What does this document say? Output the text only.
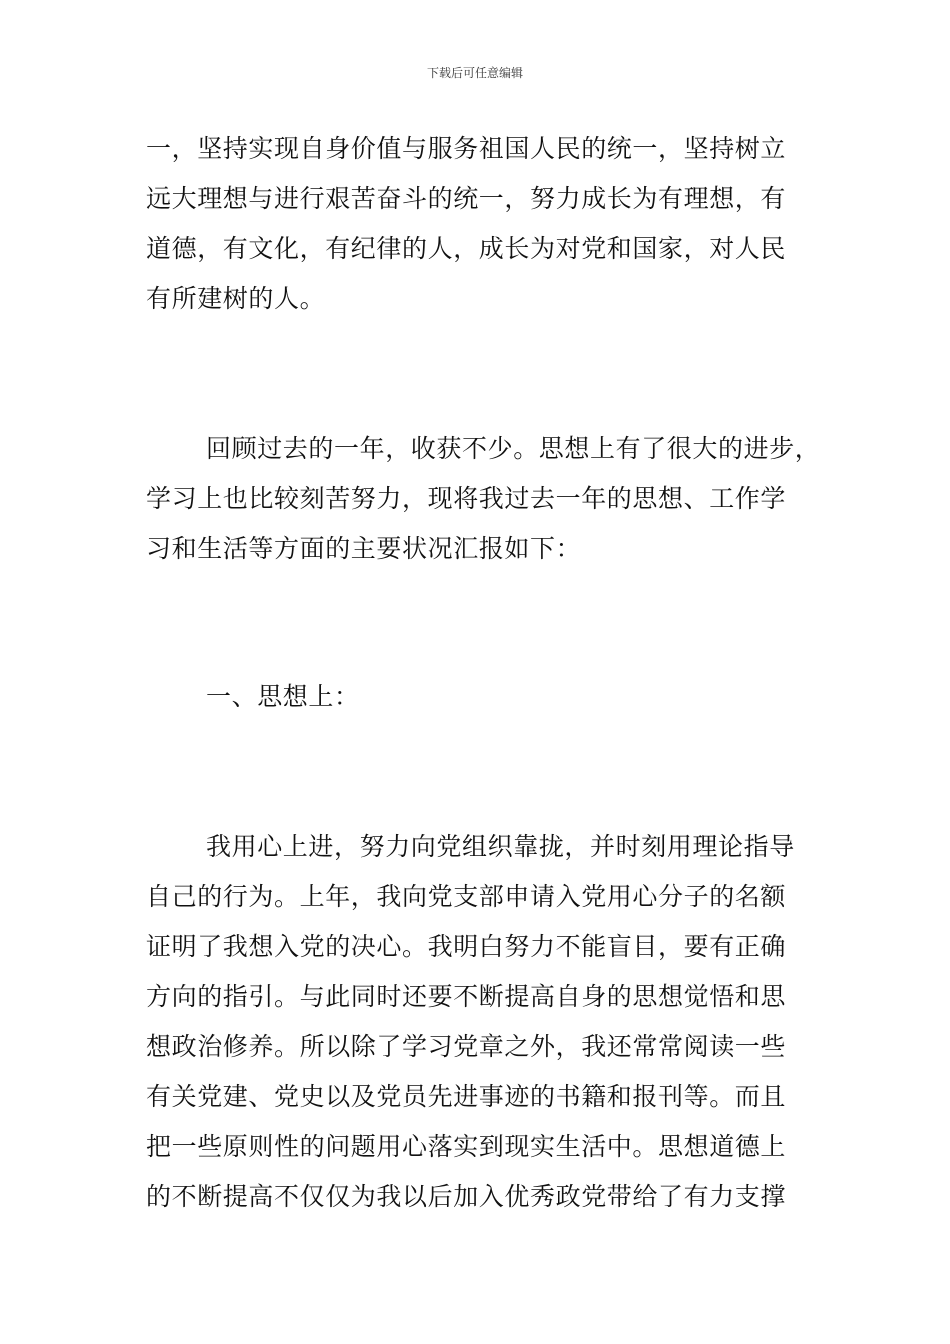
下载后可任意编辑
一，坚持实现自身价值与服务祖国人民的统一，坚持树立
远大理想与进行艰苦奋斗的统一，努力成长为有理想，有
道德，有文化，有纪律的人，成长为对党和国家，对人民
有所建树的人。
回顾过去的一年，收获不少。思想上有了很大的进步，
学习上也比较刻苦努力，现将我过去一年的思想、工作学
习和生活等方面的主要状况汇报如下：
一、思想上：
我用心上进，努力向党组织靠拢，并时刻用理论指导
自己的行为。上年，我向党支部申请入党用心分子的名额
证明了我想入党的决心。我明白努力不能盲目，要有正确
方向的指引。与此同时还要不断提高自身的思想觉悟和思
想政治修养。所以除了学习党章之外，我还常常阅读一些
有关党建、党史以及党员先进事迹的书籍和报刊等。而且
把一些原则性的问题用心落实到现实生活中。思想道德上
的不断提高不仅仅为我以后加入优秀政党带给了有力支撑
